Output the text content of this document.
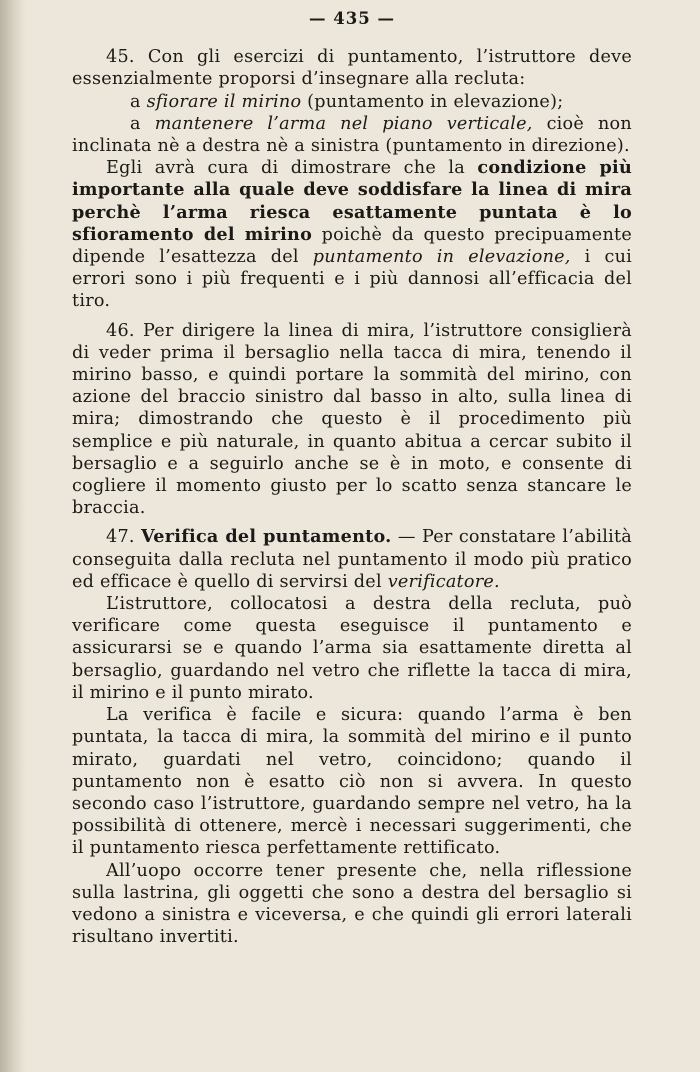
— 435 —

45. Con gli esercizi di puntamento, l’istruttore deve essenzialmente proporsi d’insegnare alla recluta:

a sfiorare il mirino (puntamento in elevazione);

a mantenere l’arma nel piano verticale, cioè non inclinata nè a destra nè a sinistra (puntamento in direzione).

Egli avrà cura di dimostrare che la condizione più importante alla quale deve soddisfare la linea di mira perchè l’arma riesca esattamente puntata è lo sfioramento del mirino poichè da questo precipuamente dipende l’esattezza del puntamento in elevazione, i cui errori sono i più frequenti e i più dannosi all’efficacia del tiro.

46. Per dirigere la linea di mira, l’istruttore consiglierà di veder prima il bersaglio nella tacca di mira, tenendo il mirino basso, e quindi portare la sommità del mirino, con azione del braccio sinistro dal basso in alto, sulla linea di mira; dimostrando che questo è il procedimento più semplice e più naturale, in quanto abitua a cercar subito il bersaglio e a seguirlo anche se è in moto, e consente di cogliere il momento giusto per lo scatto senza stancare le braccia.

47. Verifica del puntamento. — Per constatare l’abilità conseguita dalla recluta nel puntamento il modo più pratico ed efficace è quello di servirsi del verificatore.

L’istruttore, collocatosi a destra della recluta, può verificare come questa eseguisce il puntamento e assicurarsi se e quando l’arma sia esattamente diretta al bersaglio, guardando nel vetro che riflette la tacca di mira, il mirino e il punto mirato.

La verifica è facile e sicura: quando l’arma è ben puntata, la tacca di mira, la sommità del mirino e il punto mirato, guardati nel vetro, coincidono; quando il puntamento non è esatto ciò non si avvera. In questo secondo caso l’istruttore, guardando sempre nel vetro, ha la possibilità di ottenere, mercè i necessari suggerimenti, che il puntamento riesca perfettamente rettificato.

All’uopo occorre tener presente che, nella riflessione sulla lastrina, gli oggetti che sono a destra del bersaglio si vedono a sinistra e viceversa, e che quindi gli errori laterali risultano invertiti.
